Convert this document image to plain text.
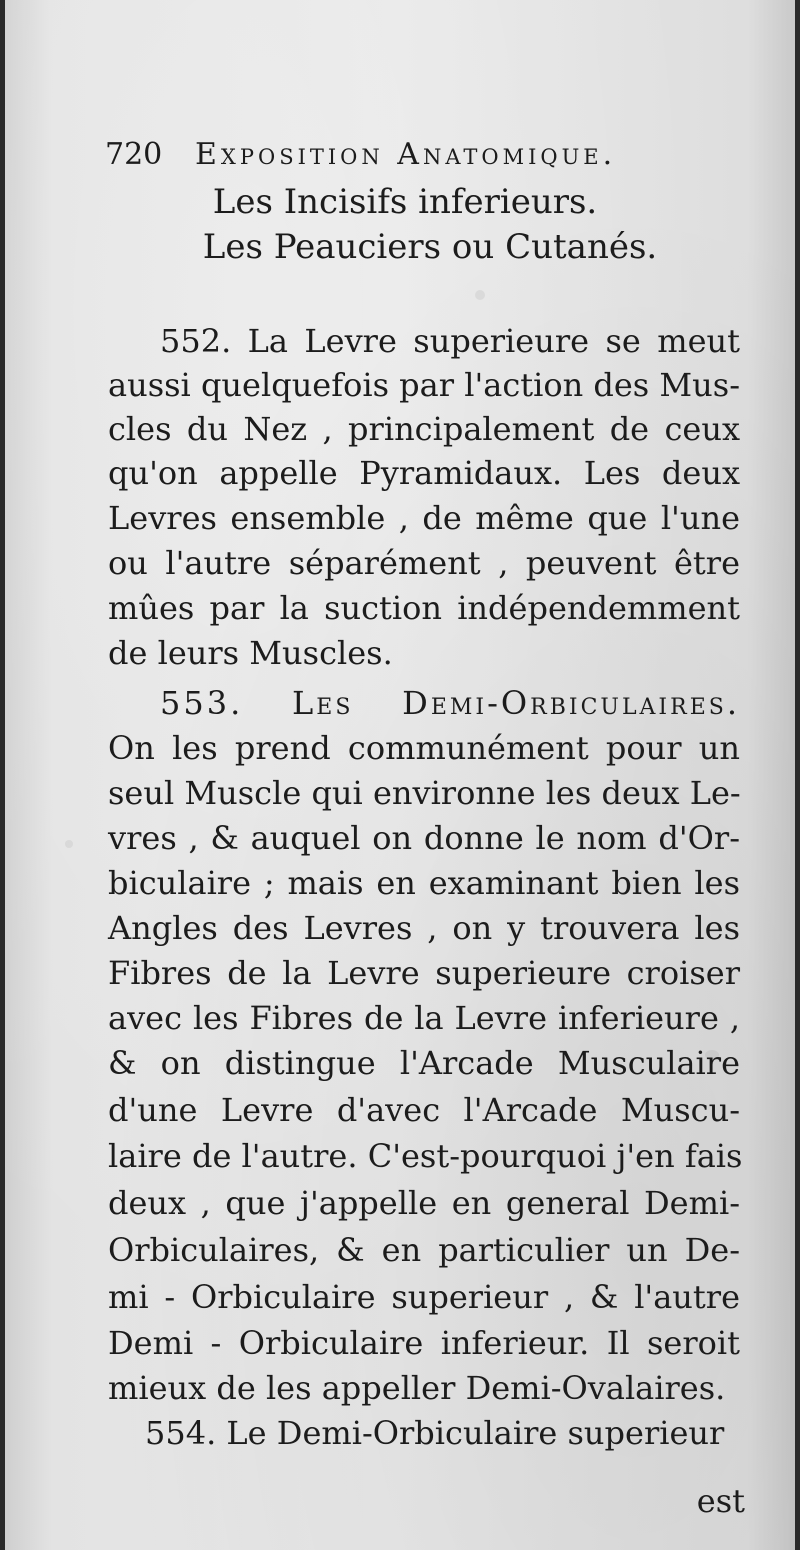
720 Exposition Anatomique.
Les Incisifs inferieurs.
Les Peauciers ou Cutanés.
552. La Levre superieure se meut
aussi quelquefois par l'action des Mus-
cles du Nez , principalement de ceux
qu'on appelle Pyramidaux. Les deux
Levres ensemble , de même que l'une
ou l'autre séparément , peuvent être
mûes par la suction indépendemment
de leurs Muscles.
553. Les Demi-Orbiculaires.
On les prend communément pour un
seul Muscle qui environne les deux Le-
vres , & auquel on donne le nom d'Or-
biculaire ; mais en examinant bien les
Angles des Levres , on y trouvera les
Fibres de la Levre superieure croiser
avec les Fibres de la Levre inferieure ,
& on distingue l'Arcade Musculaire
d'une Levre d'avec l'Arcade Muscu-
laire de l'autre. C'est-pourquoi j'en fais
deux , que j'appelle en general Demi-
Orbiculaires, & en particulier un De-
mi - Orbiculaire superieur , & l'autre
Demi - Orbiculaire inferieur. Il seroit
mieux de les appeller Demi-Ovalaires.
554. Le Demi-Orbiculaire superieur
est
